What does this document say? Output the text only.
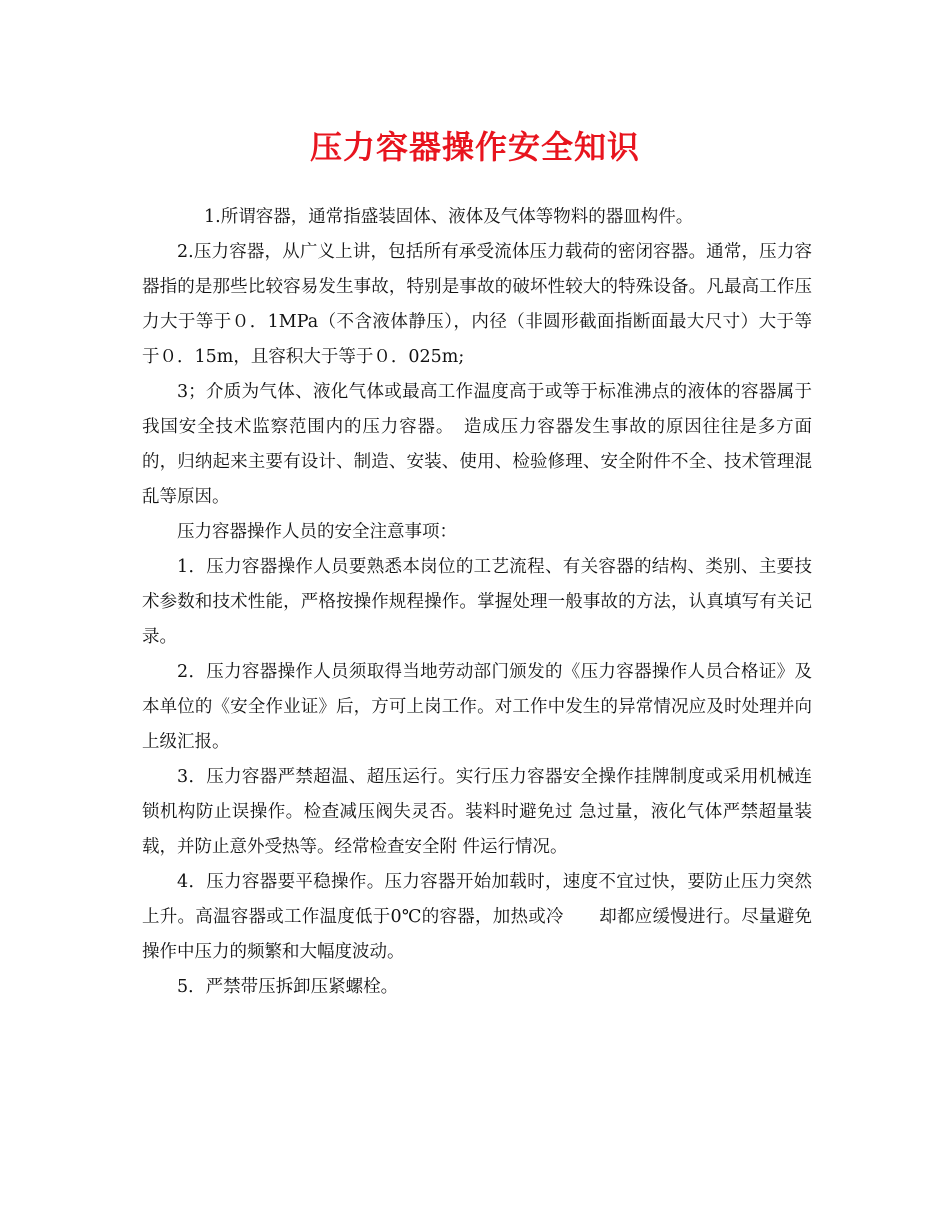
压力容器操作安全知识

1.所谓容器，通常指盛装固体、液体及气体等物料的器皿构件。

2.压力容器，从广义上讲，包括所有承受流体压力载荷的密闭容器。通常，压力容器指的是那些比较容易发生事故，特别是事故的破坏性较大的特殊设备。凡最高工作压力大于等于０．1MPa（不含液体静压），内径（非圆形截面指断面最大尺寸）大于等于０．15m，且容积大于等于０．025m;

3；介质为气体、液化气体或最高工作温度高于或等于标准沸点的液体的容器属于我国安全技术监察范围内的压力容器。　造成压力容器发生事故的原因往往是多方面的，归纳起来主要有设计、制造、安装、使用、检验修理、安全附件不全、技术管理混乱等原因。

压力容器操作人员的安全注意事项：

1．压力容器操作人员要熟悉本岗位的工艺流程、有关容器的结构、类别、主要技术参数和技术性能，严格按操作规程操作。掌握处理一般事故的方法，认真填写有关记录。

2．压力容器操作人员须取得当地劳动部门颁发的《压力容器操作人员合格证》及本单位的《安全作业证》后，方可上岗工作。对工作中发生的异常情况应及时处理并向上级汇报。

3．压力容器严禁超温、超压运行。实行压力容器安全操作挂牌制度或采用机械连锁机构防止误操作。检查减压阀失灵否。装料时避免过 急过量，液化气体严禁超量装载，并防止意外受热等。经常检查安全附 件运行情况。

4．压力容器要平稳操作。压力容器开始加载时，速度不宜过快，要防止压力突然上升。高温容器或工作温度低于0℃的容器，加热或冷　　却都应缓慢进行。尽量避免操作中压力的频繁和大幅度波动。

5．严禁带压拆卸压紧螺栓。
